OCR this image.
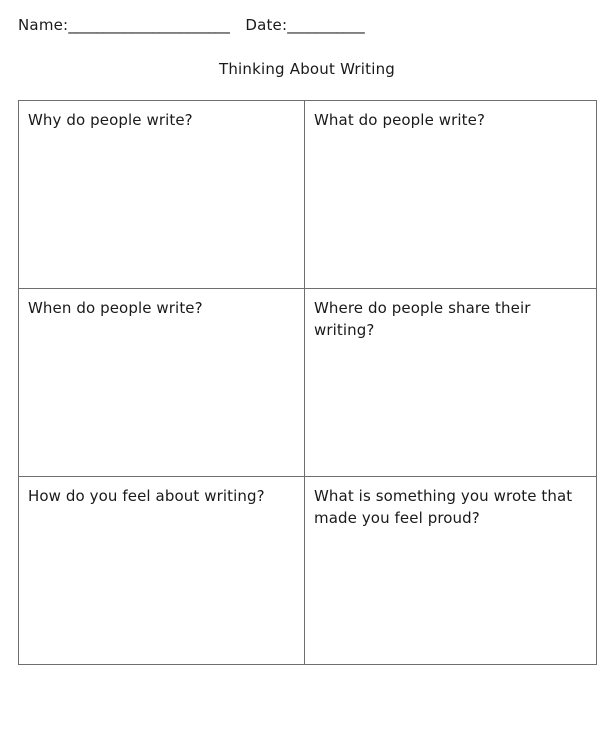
Name: _______________________ Date: ___________
Thinking About Writing
Why do people write?	What do people write?

When do people write?	Where do people share their writing?

How do you feel about writing?	What is something you wrote that made you feel proud?
